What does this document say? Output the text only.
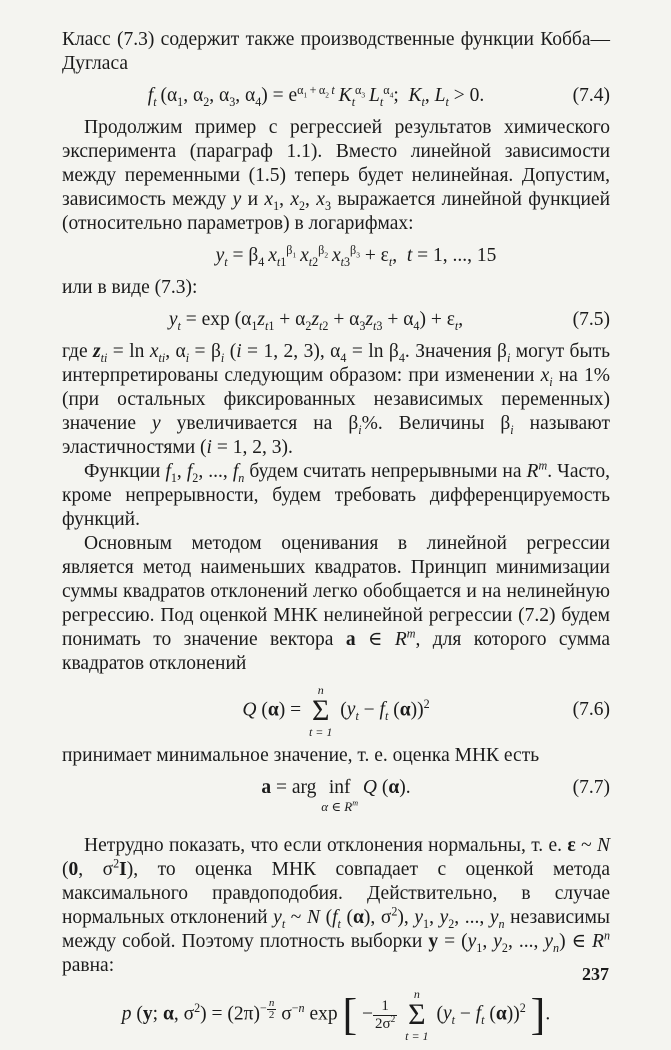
Класс (7.3) содержит также производственные функции Кобба—Дугласа

$f_t$ ($\alpha_1$, $\alpha_2$, $\alpha_3$, $\alpha_4) = e^{\alpha_1 + \alpha_2 t}$  $K_t^{\alpha_3}$  $L_t^{\alpha_4}$;  $K_t$, $L_t > 0$.	(7.4)

Продолжим пример с регрессией результатов химического эксперимента (параграф 1.1). Вместо линейной зависимости между переменными (1.5) теперь будет нелинейная. Допустим, зависимость между y и $x_1$, $x_2$, $x_3$ выражается линейной функцией (относительно параметров) в логарифмах:

$y_t = \beta_4$  $x_{t1}^{\beta_1}$  $x_{t2}^{\beta_2}$  $x_{t3}^{\beta_3} + \varepsilon_t$,  t = 1, ..., 15

или в виде (7.3):

$y_t = \exp (\alpha_1z_{t1} + \alpha_2z_{t2} + \alpha_3z_{t3} + \alpha_4) + \varepsilon_t$,	(7.5)

где $z_{ti} = \ln x_{ti}$, $\alpha_i = \beta_i$ (i = 1, 2, 3), $\alpha_4 = \ln \beta_4$. Значения $\beta_i$ могут быть интерпретированы следующим образом: при изменении $x_i$ на 1% (при остальных фиксированных независимых переменных) значение y увеличивается на $\beta_i\%$. Величины $\beta_i$ называют эластичностями (i = 1, 2, 3).

Функции $f_1$, $f_2$, ..., $f_n$ будем считать непрерывными на $R^m$. Часто, кроме непрерывности, будем требовать дифференцируемость функций.

Основным методом оценивания в линейной регрессии является метод наименьших квадратов. Принцип минимизации суммы квадратов отклонений легко обобщается и на нелинейную регрессию. Под оценкой МНК нелинейной регрессии (7.2) будем понимать то значение вектора a ∈ $R^m$, для которого сумма квадратов отклонений

Q (α) =
n
Σ
t = 1
($y_t - f_t$ (α))$^2$	(7.6)

принимает минимальное значение, т. е. оценка МНК есть

a = arg inf
α ∈ $R^m$
Q (α).	(7.7)

Нетрудно показать, что если отклонения нормальны, т. е. ε ~ N (0, $\sigma^2I$), то оценка МНК совпадает с оценкой метода максимального правдоподобия. Действительно, в случае нормальных отклонений $y_t$ ~ N ($f_t$ (α), $\sigma^2$), $y_1$, $y_2$, ..., $y_n$ независимы между собой. Поэтому плотность выборки $y = (y_1$, $y_2$, ..., $y_n$) ∈ $R^n$ равна:

p (y; α, $\sigma^2) = (2\pi)^{- \frac{n}{2}}$ $\sigma^{-n}$ exp [ − $\frac{1}{2\sigma^2}$

n
Σ
t = 1
($y_t - f_t$ (α))$^2$ ].
237
